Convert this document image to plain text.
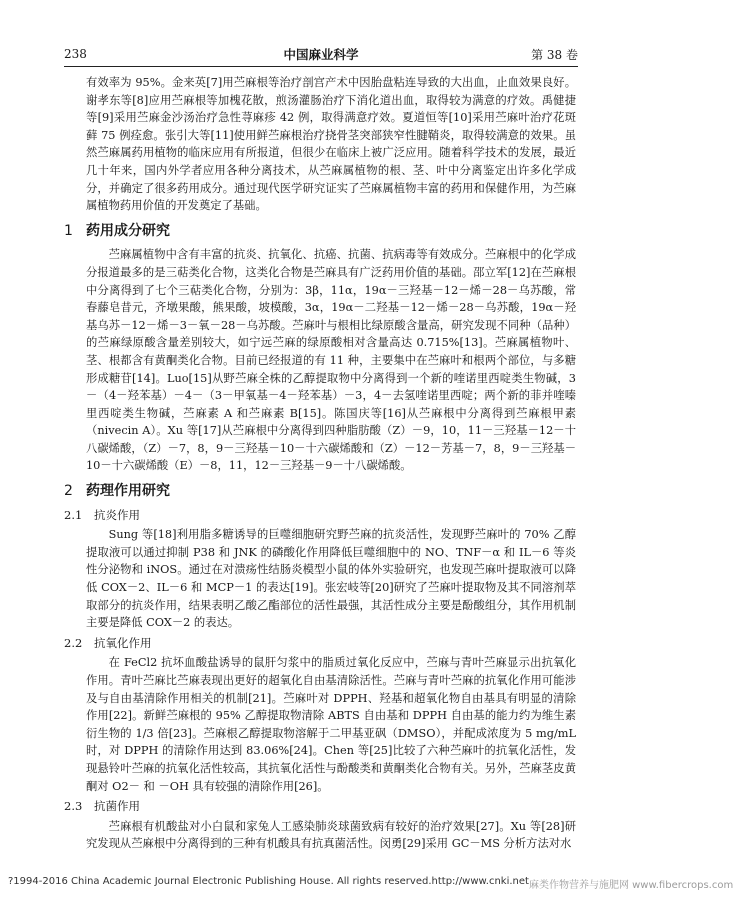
238	中国麻业科学	第 38 卷

有效率为 95%。金来英[7]用苎麻根等治疗剖宫产术中因胎盘粘连导致的大出血，止血效果良好。谢孝东等[8]应用苎麻根等加槐花散，煎汤灌肠治疗下消化道出血，取得较为满意的疗效。禹健捷等[9]采用苎麻金沙汤治疗急性荨麻疹 42 例，取得满意疗效。夏道恒等[10]采用苎麻叶治疗花斑藓 75 例痊愈。张引大等[11]使用鲜苎麻根治疗挠骨茎突部狭窄性腱鞘炎，取得较满意的效果。虽然苎麻属药用植物的临床应用有所报道，但很少在临床上被广泛应用。随着科学技术的发展，最近几十年来，国内外学者应用各种分离技术，从苎麻属植物的根、茎、叶中分离鉴定出许多化学成分，并确定了很多药用成分。通过现代医学研究证实了苎麻属植物丰富的药用和保健作用，为苎麻属植物药用价值的开发奠定了基础。

1 药用成分研究

苎麻属植物中含有丰富的抗炎、抗氧化、抗癌、抗菌、抗病毒等有效成分。苎麻根中的化学成分报道最多的是三萜类化合物，这类化合物是苎麻具有广泛药用价值的基础。邵立军[12]在苎麻根中分离得到了七个三萜类化合物，分别为：3β，11α，19α－三羟基－12－烯－28－乌苏酸，常春藤皂昔元，齐墩果酸，熊果酸，坡模酸，3α，19α－二羟基－12－烯－28－乌苏酸，19α－羟基乌苏－12－烯－3－氧－28－乌苏酸。苎麻叶与根相比绿原酸含量高，研究发现不同种（品种）的苎麻绿原酸含量差别较大，如宁远苎麻的绿原酸相对含量高达 0.715%[13]。苎麻属植物叶、茎、根都含有黄酮类化合物。目前已经报道的有 11 种，主要集中在苎麻叶和根两个部位，与多糖形成糖苷[14]。Luo[15]从野苎麻全株的乙醇提取物中分离得到一个新的喹诺里西啶类生物碱，3－（4－羟苯基）－4－（3－甲氧基－4－羟苯基）－3，4－去氢喹诺里西啶；两个新的菲并喹嗪里西啶类生物碱，苎麻素 A 和苎麻素 B[15]。陈国庆等[16]从苎麻根中分离得到苎麻根甲素（nivecin A）。Xu 等[17]从苎麻根中分离得到四种脂肪酸（Z）－9，10，11－三羟基－12－十八碳烯酸，（Z）－7，8，9－三羟基－10－十六碳烯酸和（Z）－12－芳基－7，8，9－三羟基－10－十六碳烯酸（E）－8，11，12－三羟基－9－十八碳烯酸。

2 药理作用研究
2.1 抗炎作用

Sung 等[18]利用脂多糖诱导的巨噬细胞研究野苎麻的抗炎活性，发现野苎麻叶的 70% 乙醇提取液可以通过抑制 P38 和 JNK 的磷酸化作用降低巨噬细胞中的 NO、TNF－α 和 IL－6 等炎性分泌物和 iNOS。通过在对溃疡性结肠炎模型小鼠的体外实验研究，也发现苎麻叶提取液可以降低 COX－2、IL－6 和 MCP－1 的表达[19]。张宏岐等[20]研究了苎麻叶提取物及其不同溶剂萃取部分的抗炎作用，结果表明乙酸乙酯部位的活性最强，其活性成分主要是酚酸组分，其作用机制主要是降低 COX－2 的表达。

2.2 抗氧化作用

在 FeCl2 抗坏血酸盐诱导的鼠肝匀浆中的脂质过氧化反应中，苎麻与青叶苎麻显示出抗氧化作用。青叶苎麻比苎麻表现出更好的超氧化自由基清除活性。苎麻与青叶苎麻的抗氧化作用可能涉及与自由基清除作用相关的机制[21]。苎麻叶对 DPPH、羟基和超氧化物自由基具有明显的清除作用[22]。新鲜苎麻根的 95% 乙醇提取物清除 ABTS 自由基和 DPPH 自由基的能力约为维生素衍生物的 1/3 倍[23]。苎麻根乙醇提取物溶解于二甲基亚砜（DMSO），并配成浓度为 5 mg/mL 时，对 DPPH 的清除作用达到 83.06%[24]。Chen 等[25]比较了六种苎麻叶的抗氧化活性，发现悬铃叶苎麻的抗氧化活性较高，其抗氧化活性与酚酸类和黄酮类化合物有关。另外，苎麻茎皮黄酮对 O2－ 和 －OH 具有较强的清除作用[26]。

2.3 抗菌作用

苎麻根有机酸盐对小白鼠和家兔人工感染肺炎球菌致病有较好的治疗效果[27]。Xu 等[28]研究发现从苎麻根中分离得到的三种有机酸具有抗真菌活性。闵勇[29]采用 GC－MS 分析方法对水

?1994-2016 China Academic Journal Electronic Publishing House. All rights reserved. http://www.cnki.net 麻类作物营养与施肥网 www.fibercrops.com
